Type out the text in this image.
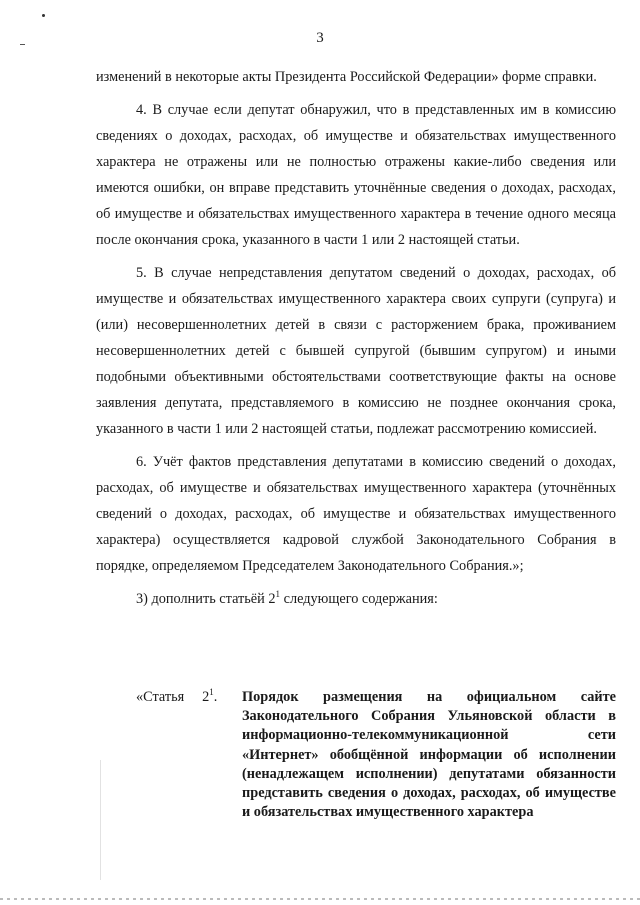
3

изменений в некоторые акты Президента Российской Федерации» форме справки.

4. В случае если депутат обнаружил, что в представленных им в комиссию сведениях о доходах, расходах, об имуществе и обязательствах имущественного характера не отражены или не полностью отражены какие-либо сведения или имеются ошибки, он вправе представить уточнённые сведения о доходах, расходах, об имуществе и обязательствах имущественного характера в течение одного месяца после окончания срока, указанного в части 1 или 2 настоящей статьи.

5. В случае непредставления депутатом сведений о доходах, расходах, об имуществе и обязательствах имущественного характера своих супруги (супруга) и (или) несовершеннолетних детей в связи с расторжением брака, проживанием несовершеннолетних детей с бывшей супругой (бывшим супругом) и иными подобными объективными обстоятельствами соответствующие факты на основе заявления депутата, представляемого в комиссию не позднее окончания срока, указанного в части 1 или 2 настоящей статьи, подлежат рассмотрению комиссией.

6. Учёт фактов представления депутатами в комиссию сведений о доходах, расходах, об имуществе и обязательствах имущественного характера (уточнённых сведений о доходах, расходах, об имуществе и обязательствах имущественного характера) осуществляется кадровой службой Законодательного Собрания в порядке, определяемом Председателем Законодательного Собрания.»;

3) дополнить статьёй $2^1$ следующего содержания:

«Статья $2^1$. Порядок размещения на официальном сайте Законодательного Собрания Ульяновской области в информационно-телекоммуникационной сети «Интернет» обобщённой информации об исполнении (ненадлежащем исполнении) депутатами обязанности представить сведения о доходах, расходах, об имуществе и обязательствах имущественного характера
